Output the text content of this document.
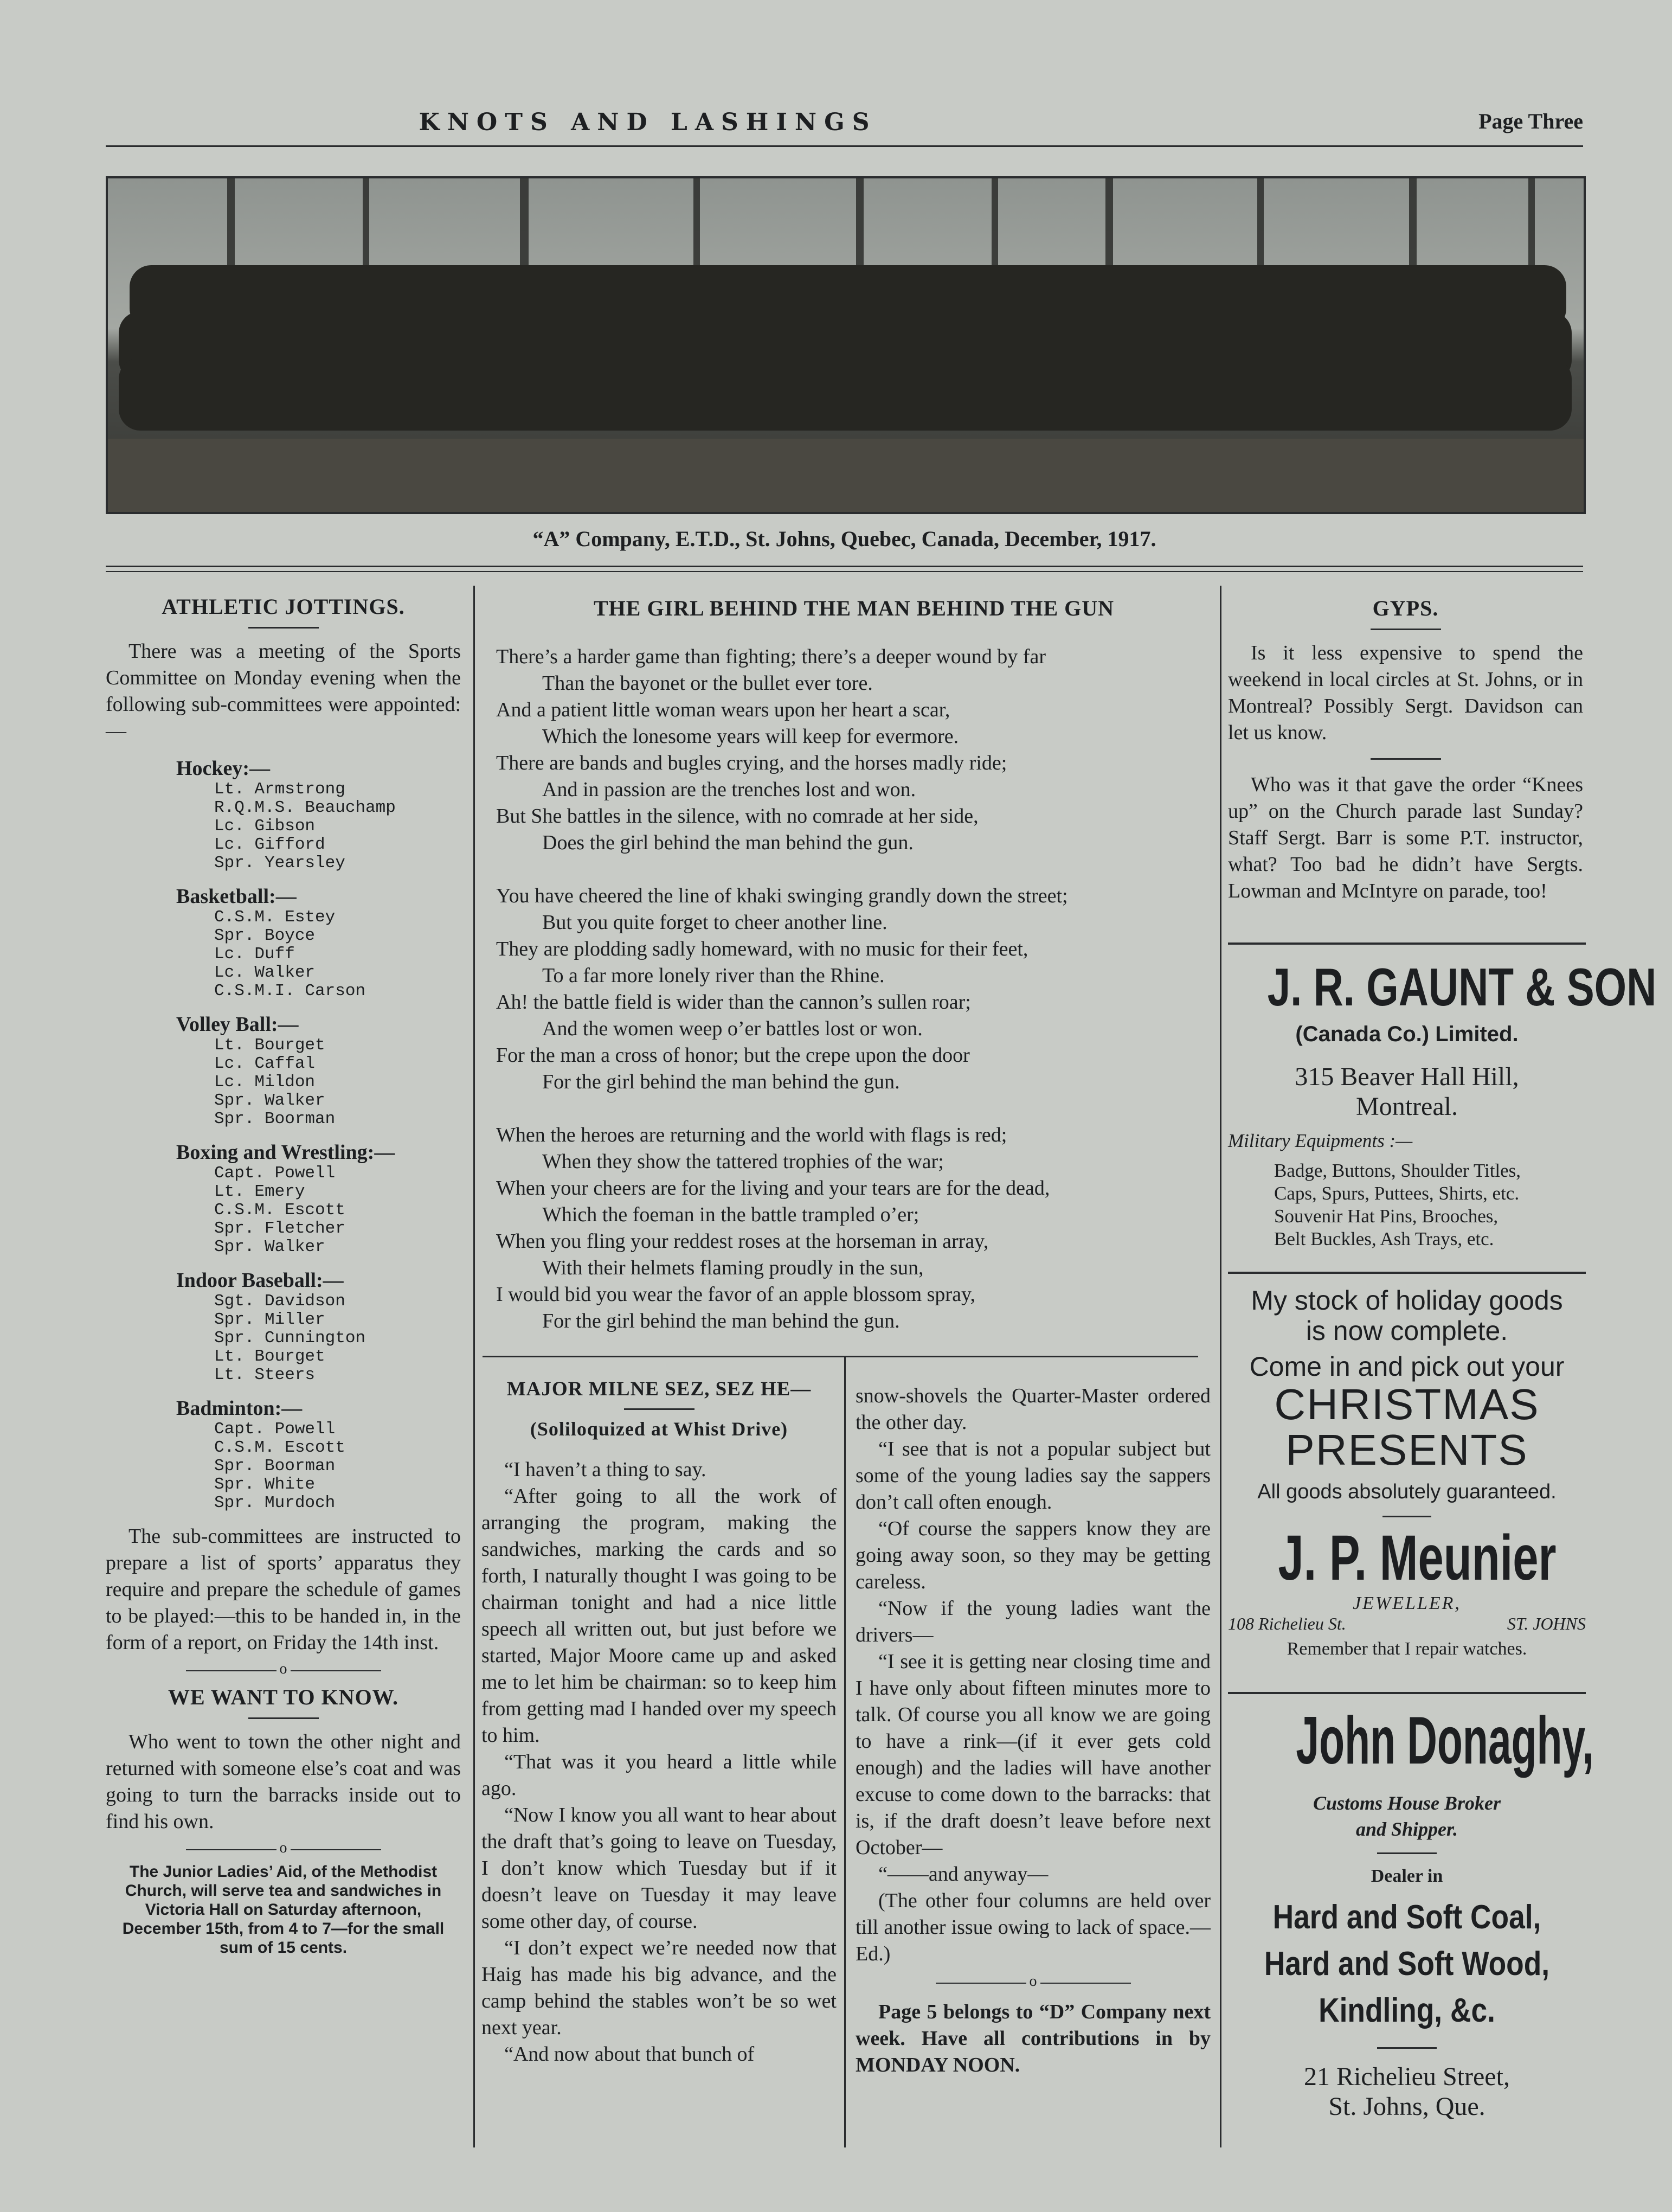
KNOTS AND LASHINGS	Page Three
“A” Company, E.T.D., St. Johns, Quebec, Canada, December, 1917.
ATHLETIC JOTTINGS.
There was a meeting of the Sports Committee on Monday evening when the following sub-committees were appointed:—
Hockey:—
Lt. Armstrong
R.Q.M.S. Beauchamp
Lc. Gibson
Lc. Gifford
Spr. Yearsley
Basketball:—
C.S.M. Estey
Spr. Boyce
Lc. Duff
Lc. Walker
C.S.M.I. Carson
Volley Ball:—
Lt. Bourget
Lc. Caffal
Lc. Mildon
Spr. Walker
Spr. Boorman
Boxing and Wrestling:—
Capt. Powell
Lt. Emery
C.S.M. Escott
Spr. Fletcher
Spr. Walker
Indoor Baseball:—
Sgt. Davidson
Spr. Miller
Spr. Cunnington
Lt. Bourget
Lt. Steers
Badminton:—
Capt. Powell
C.S.M. Escott
Spr. Boorman
Spr. White
Spr. Murdoch
The sub-committees are instructed to prepare a list of sports’ apparatus they require and prepare the schedule of games to be played:—this to be handed in, in the form of a report, on Friday the 14th inst.
o
WE WANT TO KNOW.
Who went to town the other night and returned with someone else’s coat and was going to turn the barracks inside out to find his own.
o
The Junior Ladies’ Aid, of the Methodist Church, will serve tea and sandwiches in Victoria Hall on Saturday afternoon, December 15th, from 4 to 7—for the small sum of 15 cents.
THE GIRL BEHIND THE MAN BEHIND THE GUN
There’s a harder game than fighting; there’s a deeper wound by far
Than the bayonet or the bullet ever tore.
And a patient little woman wears upon her heart a scar,
Which the lonesome years will keep for evermore.
There are bands and bugles crying, and the horses madly ride;
And in passion are the trenches lost and won.
But She battles in the silence, with no comrade at her side,
Does the girl behind the man behind the gun.
You have cheered the line of khaki swinging grandly down the street;
But you quite forget to cheer another line.
They are plodding sadly homeward, with no music for their feet,
To a far more lonely river than the Rhine.
Ah! the battle field is wider than the cannon’s sullen roar;
And the women weep o’er battles lost or won.
For the man a cross of honor; but the crepe upon the door
For the girl behind the man behind the gun.
When the heroes are returning and the world with flags is red;
When they show the tattered trophies of the war;
When your cheers are for the living and your tears are for the dead,
Which the foeman in the battle trampled o’er;
When you fling your reddest roses at the horseman in array,
With their helmets flaming proudly in the sun,
I would bid you wear the favor of an apple blossom spray,
For the girl behind the man behind the gun.
MAJOR MILNE SEZ, SEZ HE—
(Soliloquized at Whist Drive)
“I haven’t a thing to say.
“After going to all the work of arranging the program, making the sandwiches, marking the cards and so forth, I naturally thought I was going to be chairman tonight and had a nice little speech all written out, but just before we started, Major Moore came up and asked me to let him be chairman: so to keep him from getting mad I handed over my speech to him.
“That was it you heard a little while ago.
“Now I know you all want to hear about the draft that’s going to leave on Tuesday, I don’t know which Tuesday but if it doesn’t leave on Tuesday it may leave some other day, of course.
“I don’t expect we’re needed now that Haig has made his big advance, and the camp behind the stables won’t be so wet next year.
“And now about that bunch of
snow-shovels the Quarter-Master ordered the other day.
“I see that is not a popular subject but some of the young ladies say the sappers don’t call often enough.
“Of course the sappers know they are going away soon, so they may be getting careless.
“Now if the young ladies want the drivers—
“I see it is getting near closing time and I have only about fifteen minutes more to talk. Of course you all know we are going to have a rink—(if it ever gets cold enough) and the ladies will have another excuse to come down to the barracks: that is, if the draft doesn’t leave before next October—
“——and anyway—
(The other four columns are held over till another issue owing to lack of space.—Ed.)
o
Page 5 belongs to “D” Company next week. Have all contributions in by MONDAY NOON.
GYPS.
Is it less expensive to spend the weekend in local circles at St. Johns, or in Montreal? Possibly Sergt. Davidson can let us know.
Who was it that gave the order “Knees up” on the Church parade last Sunday? Staff Sergt. Barr is some P.T. instructor, what? Too bad he didn’t have Sergts. Lowman and McIntyre on parade, too!
J. R. GAUNT & SON
(Canada Co.) Limited.
315 Beaver Hall Hill,
Montreal.
Military Equipments :—
Badge, Buttons, Shoulder Titles,
Caps, Spurs, Puttees, Shirts, etc.
Souvenir Hat Pins, Brooches,
Belt Buckles, Ash Trays, etc.
My stock of holiday goods
is now complete.
Come in and pick out your
CHRISTMAS
PRESENTS
All goods absolutely guaranteed.
J. P. Meunier
JEWELLER,
108 Richelieu St.	ST. JOHNS
Remember that I repair watches.
John Donaghy,
Customs House Broker
and Shipper.
Dealer in
Hard and Soft Coal,
Hard and Soft Wood,
Kindling, &c.
21 Richelieu Street,
St. Johns, Que.
